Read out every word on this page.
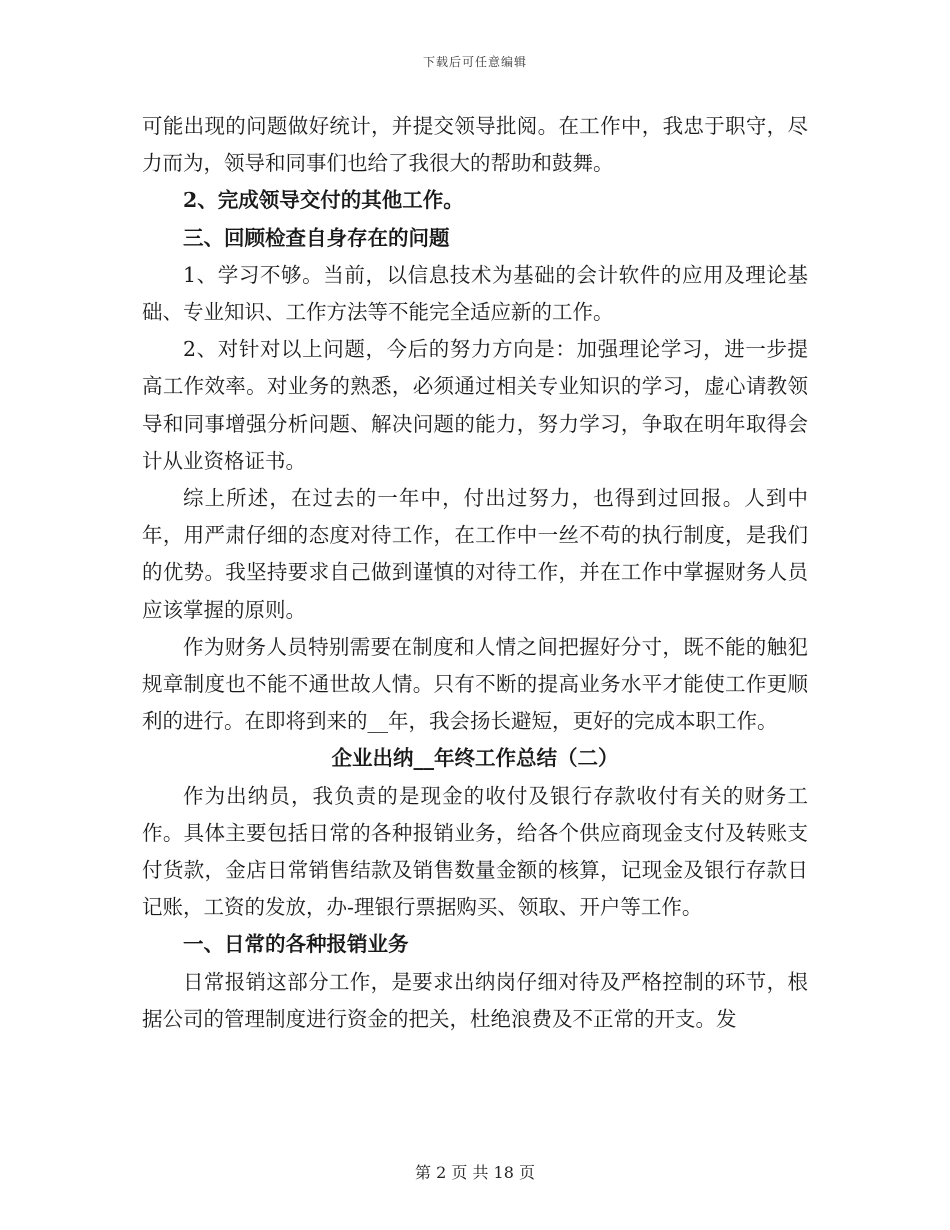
下载后可任意编辑

可能出现的问题做好统计，并提交领导批阅。在工作中，我忠于职守，尽力而为，领导和同事们也给了我很大的帮助和鼓舞。

2、完成领导交付的其他工作。

三、回顾检查自身存在的问题

1、学习不够。当前，以信息技术为基础的会计软件的应用及理论基础、专业知识、工作方法等不能完全适应新的工作。

2、对针对以上问题，今后的努力方向是：加强理论学习，进一步提高工作效率。对业务的熟悉，必须通过相关专业知识的学习，虚心请教领导和同事增强分析问题、解决问题的能力，努力学习，争取在明年取得会计从业资格证书。

综上所述，在过去的一年中，付出过努力，也得到过回报。人到中年，用严肃仔细的态度对待工作，在工作中一丝不苟的执行制度，是我们的优势。我坚持要求自己做到谨慎的对待工作，并在工作中掌握财务人员应该掌握的原则。

作为财务人员特别需要在制度和人情之间把握好分寸，既不能的触犯规章制度也不能不通世故人情。只有不断的提高业务水平才能使工作更顺利的进行。在即将到来的__年，我会扬长避短，更好的完成本职工作。

企业出纳__年终工作总结（二）

作为出纳员，我负责的是现金的收付及银行存款收付有关的财务工作。具体主要包括日常的各种报销业务，给各个供应商现金支付及转账支付货款，金店日常销售结款及销售数量金额的核算，记现金及银行存款日记账，工资的发放，办-理银行票据购买、领取、开户等工作。

一、日常的各种报销业务

日常报销这部分工作，是要求出纳岗仔细对待及严格控制的环节，根据公司的管理制度进行资金的把关，杜绝浪费及不正常的开支。发

第 2 页 共 18 页
